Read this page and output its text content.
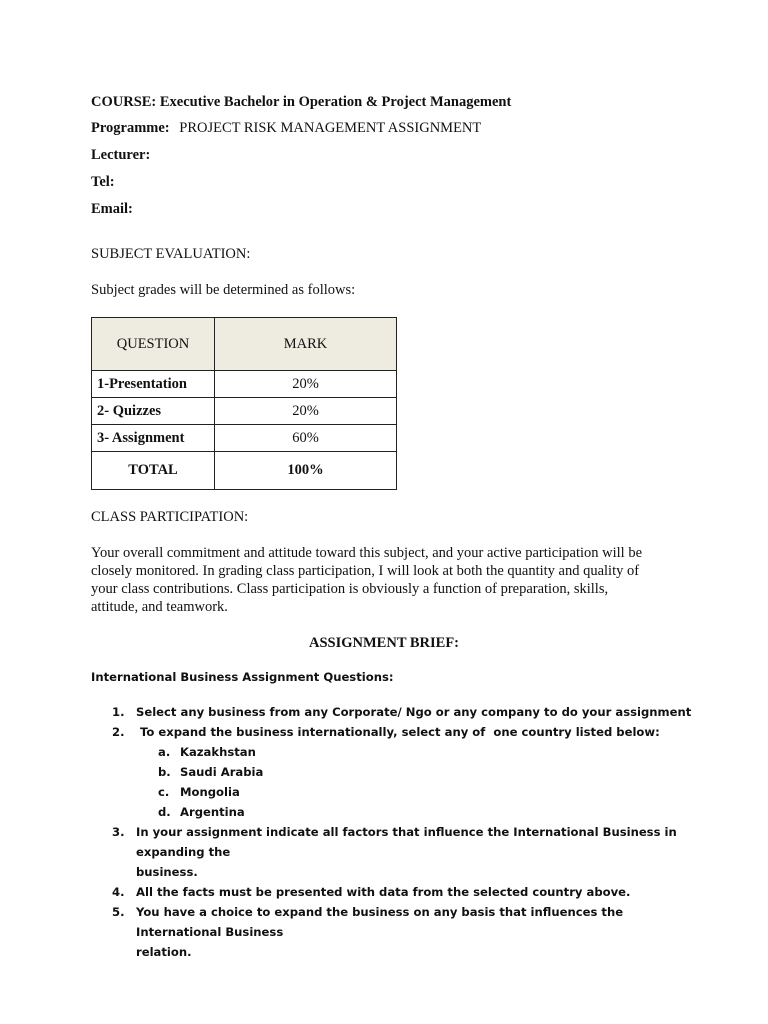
COURSE: Executive Bachelor in Operation & Project Management
Programme: PROJECT RISK MANAGEMENT ASSIGNMENT
Lecturer:
Tel:
Email:
SUBJECT EVALUATION:
Subject grades will be determined as follows:
QUESTION	MARK
1-Presentation	20%
2- Quizzes	20%
3- Assignment	60%
TOTAL	100%
CLASS PARTICIPATION:
Your overall commitment and attitude toward this subject, and your active participation will be
closely monitored. In grading class participation, I will look at both the quantity and quality of
your class contributions. Class participation is obviously a function of preparation, skills,
attitude, and teamwork.
ASSIGNMENT BRIEF:
International Business Assignment Questions:
1. Select any business from any Corporate/ Ngo or any company to do your assignment
2. To expand the business internationally, select any of  one country listed below:
a. Kazakhstan
b. Saudi Arabia
c. Mongolia
d. Argentina
3. In your assignment indicate all factors that influence the International Business in expanding the
business.
4. All the facts must be presented with data from the selected country above.
5. You have a choice to expand the business on any basis that influences the International Business
relation.
